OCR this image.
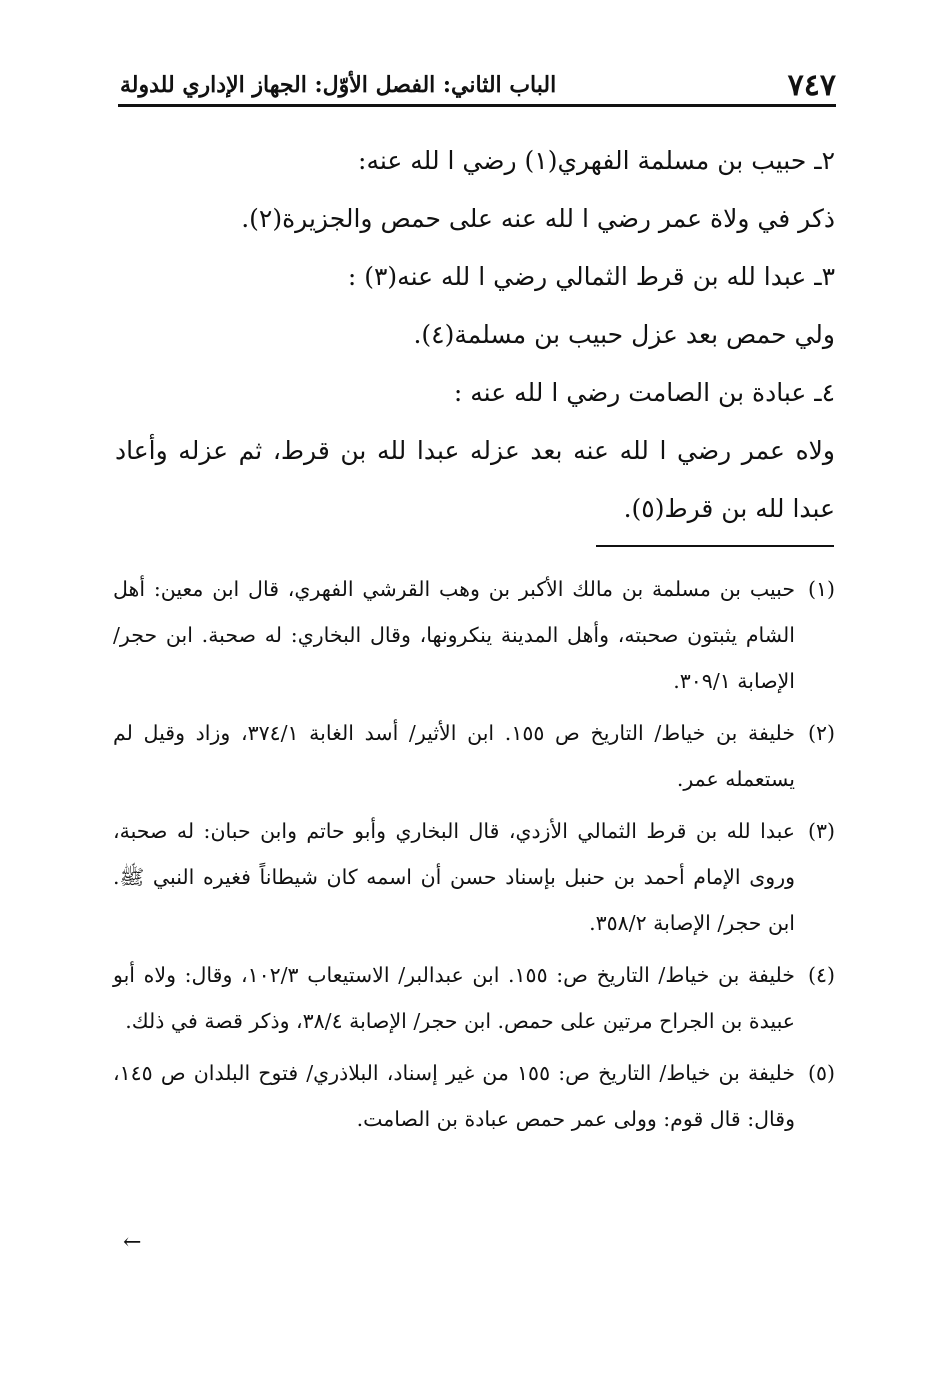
٧٤٧
الباب الثاني: الفصل الأوّل: الجهاز الإداري للدولة

٢ـ حبيب بن مسلمة الفهري(١) رضي ا لله عنه:

ذكر في ولاة عمر رضي ا لله عنه على حمص والجزيرة(٢).

٣ـ عبدا لله بن قرط الثمالي رضي ا لله عنه(٣) :

ولي حمص بعد عزل حبيب بن مسلمة(٤).

٤ـ عبادة بن الصامت رضي ا لله عنه :

ولاه عمر رضي ا لله عنه بعد عزله عبدا لله بن قرط، ثم عزله وأعاد عبدا لله بن قرط(٥).

(١)
حبيب بن مسلمة بن مالك الأكبر بن وهب القرشي الفهري، قال ابن معين: أهل الشام يثبتون صحبته، وأهل المدينة ينكرونها، وقال البخاري: له صحبة. ابن حجر/ الإصابة ٣٠٩/١.
(٢)
خليفة بن خياط/ التاريخ ص ١٥٥. ابن الأثير/ أسد الغابة ٣٧٤/١، وزاد وقيل لم يستعمله عمر.
(٣)
عبدا لله بن قرط الثمالي الأزدي، قال البخاري وأبو حاتم وابن حبان: له صحبة، وروى الإمام أحمد بن حنبل بإسناد حسن أن اسمه كان شيطاناً فغيره النبي ﷺ. ابن حجر/ الإصابة ٣٥٨/٢.
(٤)
خليفة بن خياط/ التاريخ ص: ١٥٥. ابن عبدالبر/ الاستيعاب ١٠٢/٣، وقال: ولاه أبو عبيدة بن الجراح مرتين على حمص. ابن حجر/ الإصابة ٣٨/٤، وذكر قصة في ذلك.
(٥)
خليفة بن خياط/ التاريخ ص: ١٥٥ من غير إسناد، البلاذري/ فتوح البلدان ص ١٤٥، وقال: قال قوم: وولى عمر حمص عبادة بن الصامت.
←
